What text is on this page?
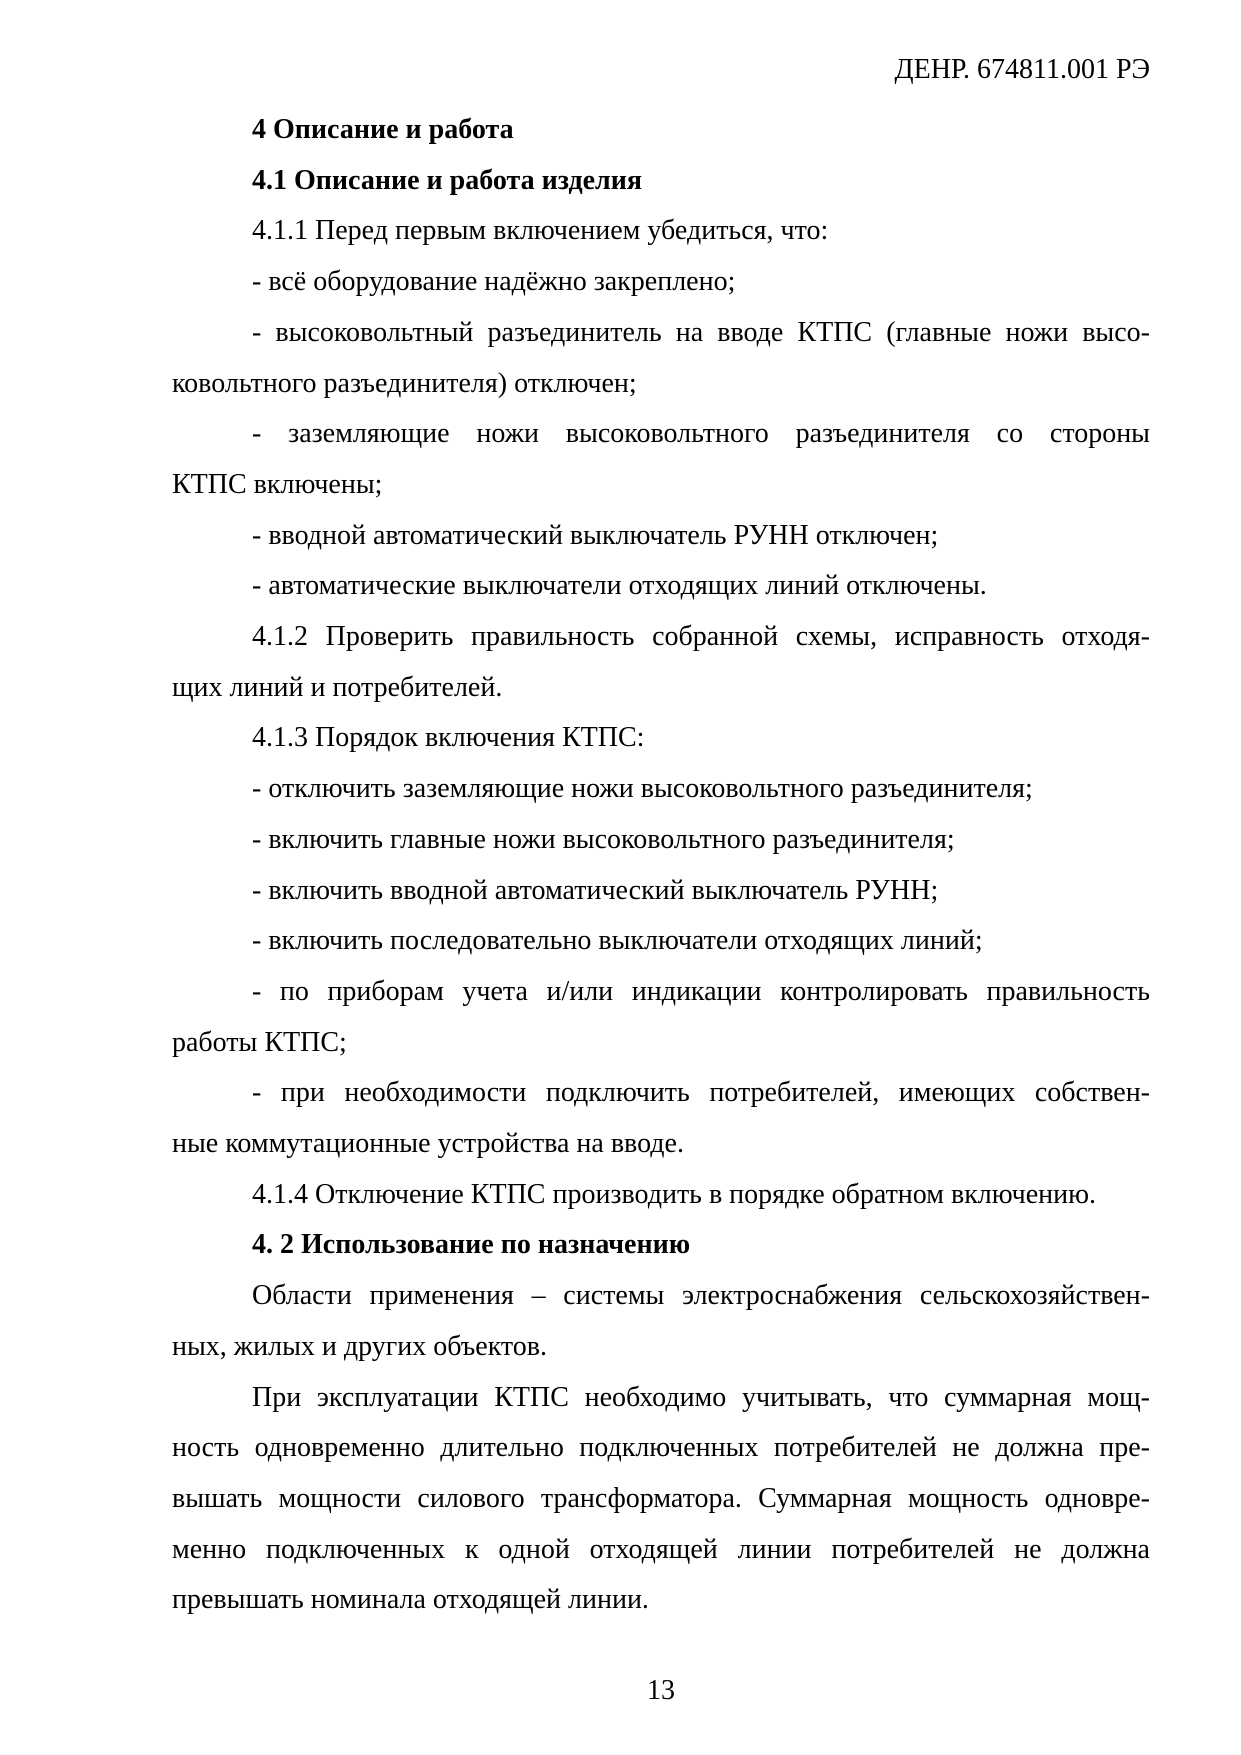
ДЕНР. 674811.001 РЭ
4 Описание и работа
4.1 Описание и работа изделия
4.1.1 Перед первым включением убедиться, что:
- всё оборудование надёжно закреплено;
- высоковольтный разъединитель на вводе КТПС (главные ножи высо-
ковольтного разъединителя) отключен;
- заземляющие ножи высоковольтного разъединителя со стороны
КТПС включены;
- вводной автоматический выключатель РУНН отключен;
- автоматические выключатели отходящих линий отключены.
4.1.2 Проверить правильность собранной схемы, исправность отходя-
щих линий и потребителей.
4.1.3 Порядок включения КТПС:
- отключить заземляющие ножи высоковольтного разъединителя;
- включить главные ножи высоковольтного разъединителя;
- включить вводной автоматический выключатель РУНН;
- включить последовательно выключатели отходящих линий;
- по приборам учета и/или индикации контролировать правильность
работы КТПС;
- при необходимости подключить потребителей, имеющих собствен-
ные коммутационные устройства на вводе.
4.1.4 Отключение КТПС производить в порядке обратном включению.
4. 2 Использование по назначению
Области применения – системы электроснабжения сельскохозяйствен-
ных, жилых и других объектов.
При эксплуатации КТПС необходимо учитывать, что суммарная мощ-
ность одновременно длительно подключенных потребителей не должна пре-
вышать мощности силового трансформатора. Суммарная мощность одновре-
менно подключенных к одной отходящей линии потребителей не должна
превышать номинала отходящей линии.
13
